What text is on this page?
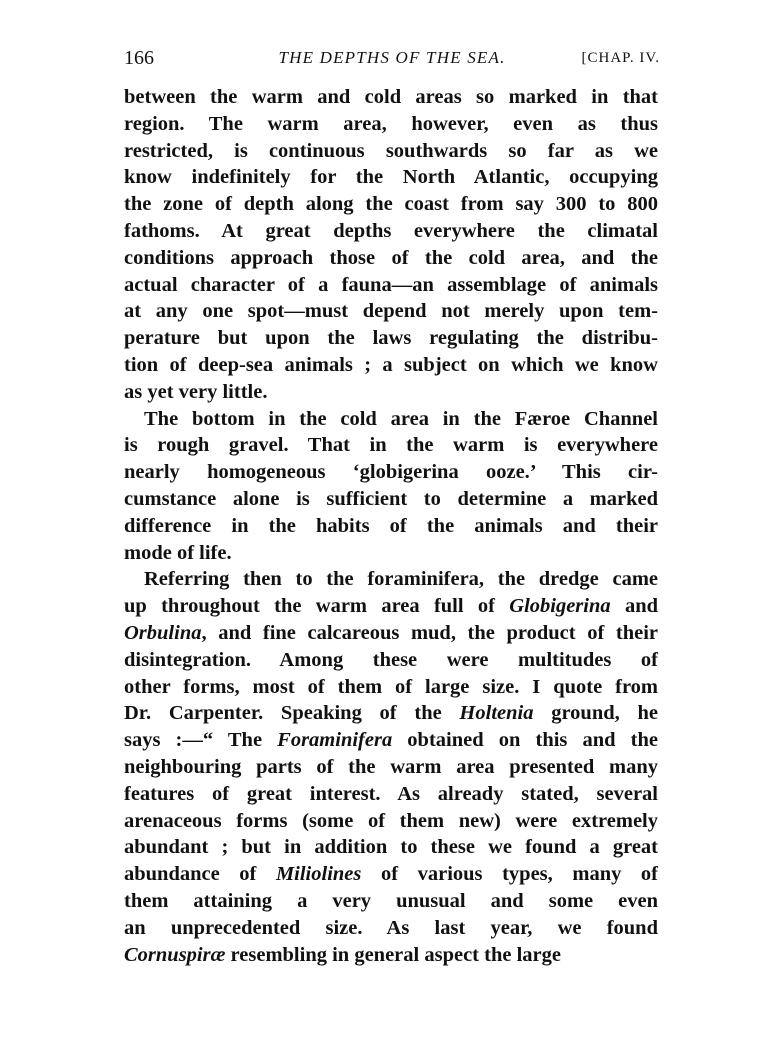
166	THE DEPTHS OF THE SEA.	[CHAP. IV.
between the warm and cold areas so marked in that
region. The warm area, however, even as thus
restricted, is continuous southwards so far as we
know indefinitely for the North Atlantic, occupying
the zone of depth along the coast from say 300 to 800
fathoms. At great depths everywhere the climatal
conditions approach those of the cold area, and the
actual character of a fauna—an assemblage of animals
at any one spot—must depend not merely upon tem-
perature but upon the laws regulating the distribu-
tion of deep-sea animals ; a subject on which we know
as yet very little.
The bottom in the cold area in the Færoe Channel
is rough gravel. That in the warm is everywhere
nearly homogeneous ‘globigerina ooze.’ This cir-
cumstance alone is sufficient to determine a marked
difference in the habits of the animals and their
mode of life.
Referring then to the foraminifera, the dredge came
up throughout the warm area full of Globigerina and
Orbulina, and fine calcareous mud, the product of their
disintegration. Among these were multitudes of
other forms, most of them of large size. I quote from
Dr. Carpenter. Speaking of the Holtenia ground, he
says :—“ The Foraminifera obtained on this and the
neighbouring parts of the warm area presented many
features of great interest. As already stated, several
arenaceous forms (some of them new) were extremely
abundant ; but in addition to these we found a great
abundance of Miliolines of various types, many of
them attaining a very unusual and some even
an unprecedented size. As last year, we found
Cornuspiræ resembling in general aspect the large
